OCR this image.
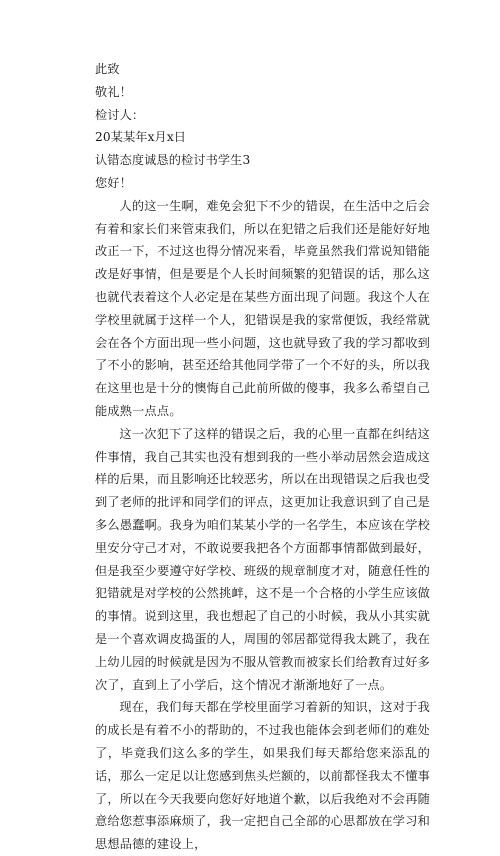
此致
敬礼！
检讨人：
20某某年x月x日
认错态度诚恳的检讨书学生3
您好！
人的这一生啊，难免会犯下不少的错误，在生活中之后会有着和家长们来管束我们，所以在犯错之后我们还是能好好地改正一下，不过这也得分情况来看，毕竟虽然我们常说知错能改是好事情，但是要是个人长时间频繁的犯错误的话，那么这也就代表着这个人必定是在某些方面出现了问题。我这个人在学校里就属于这样一个人，犯错误是我的家常便饭，我经常就会在各个方面出现一些小问题，这也就导致了我的学习都收到了不小的影响，甚至还给其他同学带了一个不好的头，所以我在这里也是十分的懊悔自己此前所做的傻事，我多么希望自己能成熟一点点。
这一次犯下了这样的错误之后，我的心里一直都在纠结这件事情，我自己其实也没有想到我的一些小举动居然会造成这样的后果，而且影响还比较恶劣，所以在出现错误之后我也受到了老师的批评和同学们的评点，这更加让我意识到了自己是多么愚蠢啊。我身为咱们某某小学的一名学生，本应该在学校里安分守己才对，不敢说要我把各个方面都事情都做到最好，但是我至少要遵守好学校、班级的规章制度才对，随意任性的犯错就是对学校的公然挑衅，这不是一个合格的小学生应该做的事情。说到这里，我也想起了自己的小时候，我从小其实就是一个喜欢调皮捣蛋的人，周围的邻居都觉得我太跳了，我在上幼儿园的时候就是因为不服从管教而被家长们给教育过好多次了，直到上了小学后，这个情况才渐渐地好了一点。
现在，我们每天都在学校里面学习着新的知识，这对于我的成长是有着不小的帮助的，不过我也能体会到老师们的难处了，毕竟我们这么多的学生，如果我们每天都给您来添乱的话，那么一定足以让您感到焦头烂额的，以前都怪我太不懂事了，所以在今天我要向您好好地道个歉，以后我绝对不会再随意给您惹事添麻烦了，我一定把自己全部的心思都放在学习和思想品德的建设上，
